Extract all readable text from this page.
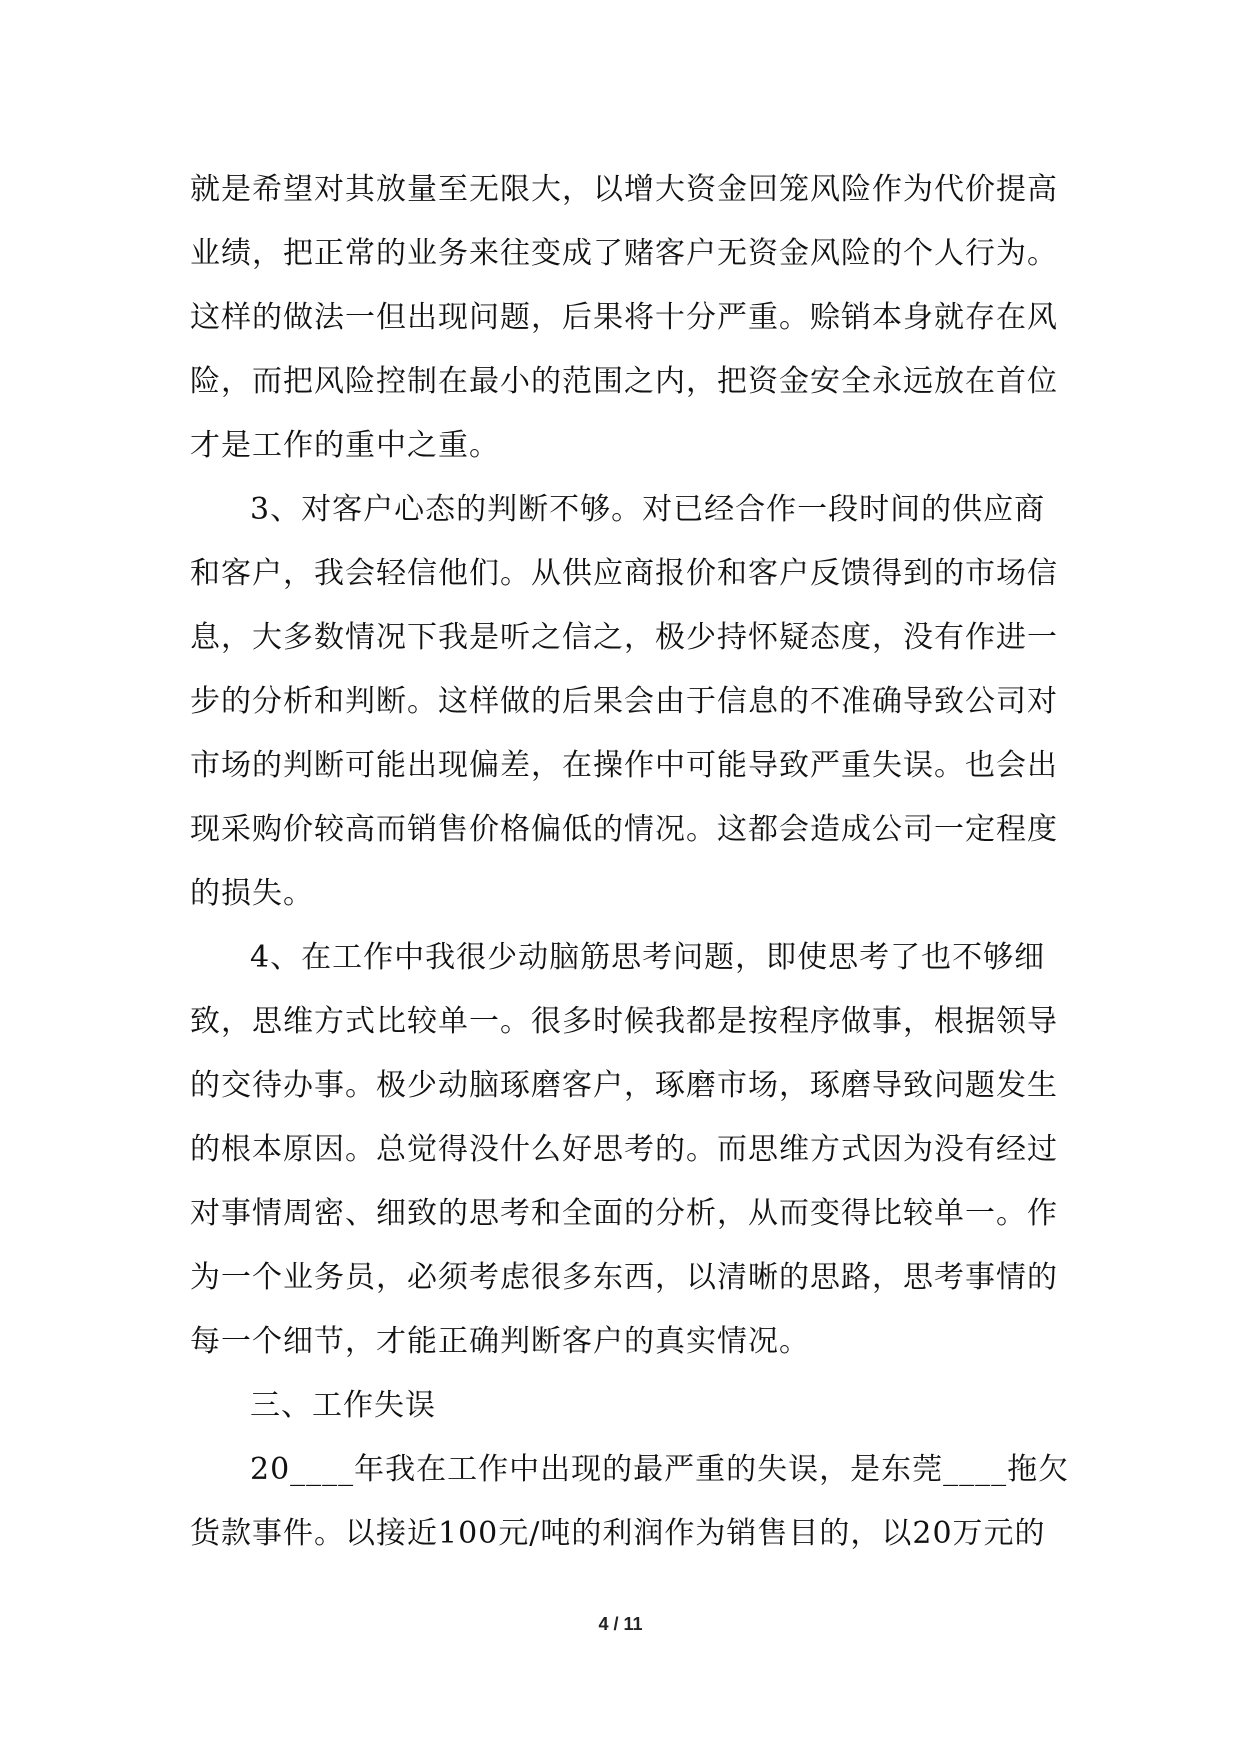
就是希望对其放量至无限大，以增大资金回笼风险作为代价提高
业绩，把正常的业务来往变成了赌客户无资金风险的个人行为。
这样的做法一但出现问题，后果将十分严重。赊销本身就存在风
险，而把风险控制在最小的范围之内，把资金安全永远放在首位
才是工作的重中之重。
3、对客户心态的判断不够。对已经合作一段时间的供应商
和客户，我会轻信他们。从供应商报价和客户反馈得到的市场信
息，大多数情况下我是听之信之，极少持怀疑态度，没有作进一
步的分析和判断。这样做的后果会由于信息的不准确导致公司对
市场的判断可能出现偏差，在操作中可能导致严重失误。也会出
现采购价较高而销售价格偏低的情况。这都会造成公司一定程度
的损失。
4、在工作中我很少动脑筋思考问题，即使思考了也不够细
致，思维方式比较单一。很多时候我都是按程序做事，根据领导
的交待办事。极少动脑琢磨客户，琢磨市场，琢磨导致问题发生
的根本原因。总觉得没什么好思考的。而思维方式因为没有经过
对事情周密、细致的思考和全面的分析，从而变得比较单一。作
为一个业务员，必须考虑很多东西，以清晰的思路，思考事情的
每一个细节，才能正确判断客户的真实情况。
三、工作失误
20____年我在工作中出现的最严重的失误，是东莞____拖欠
货款事件。以接近100元/吨的利润作为销售目的，以20万元的
4 / 11
